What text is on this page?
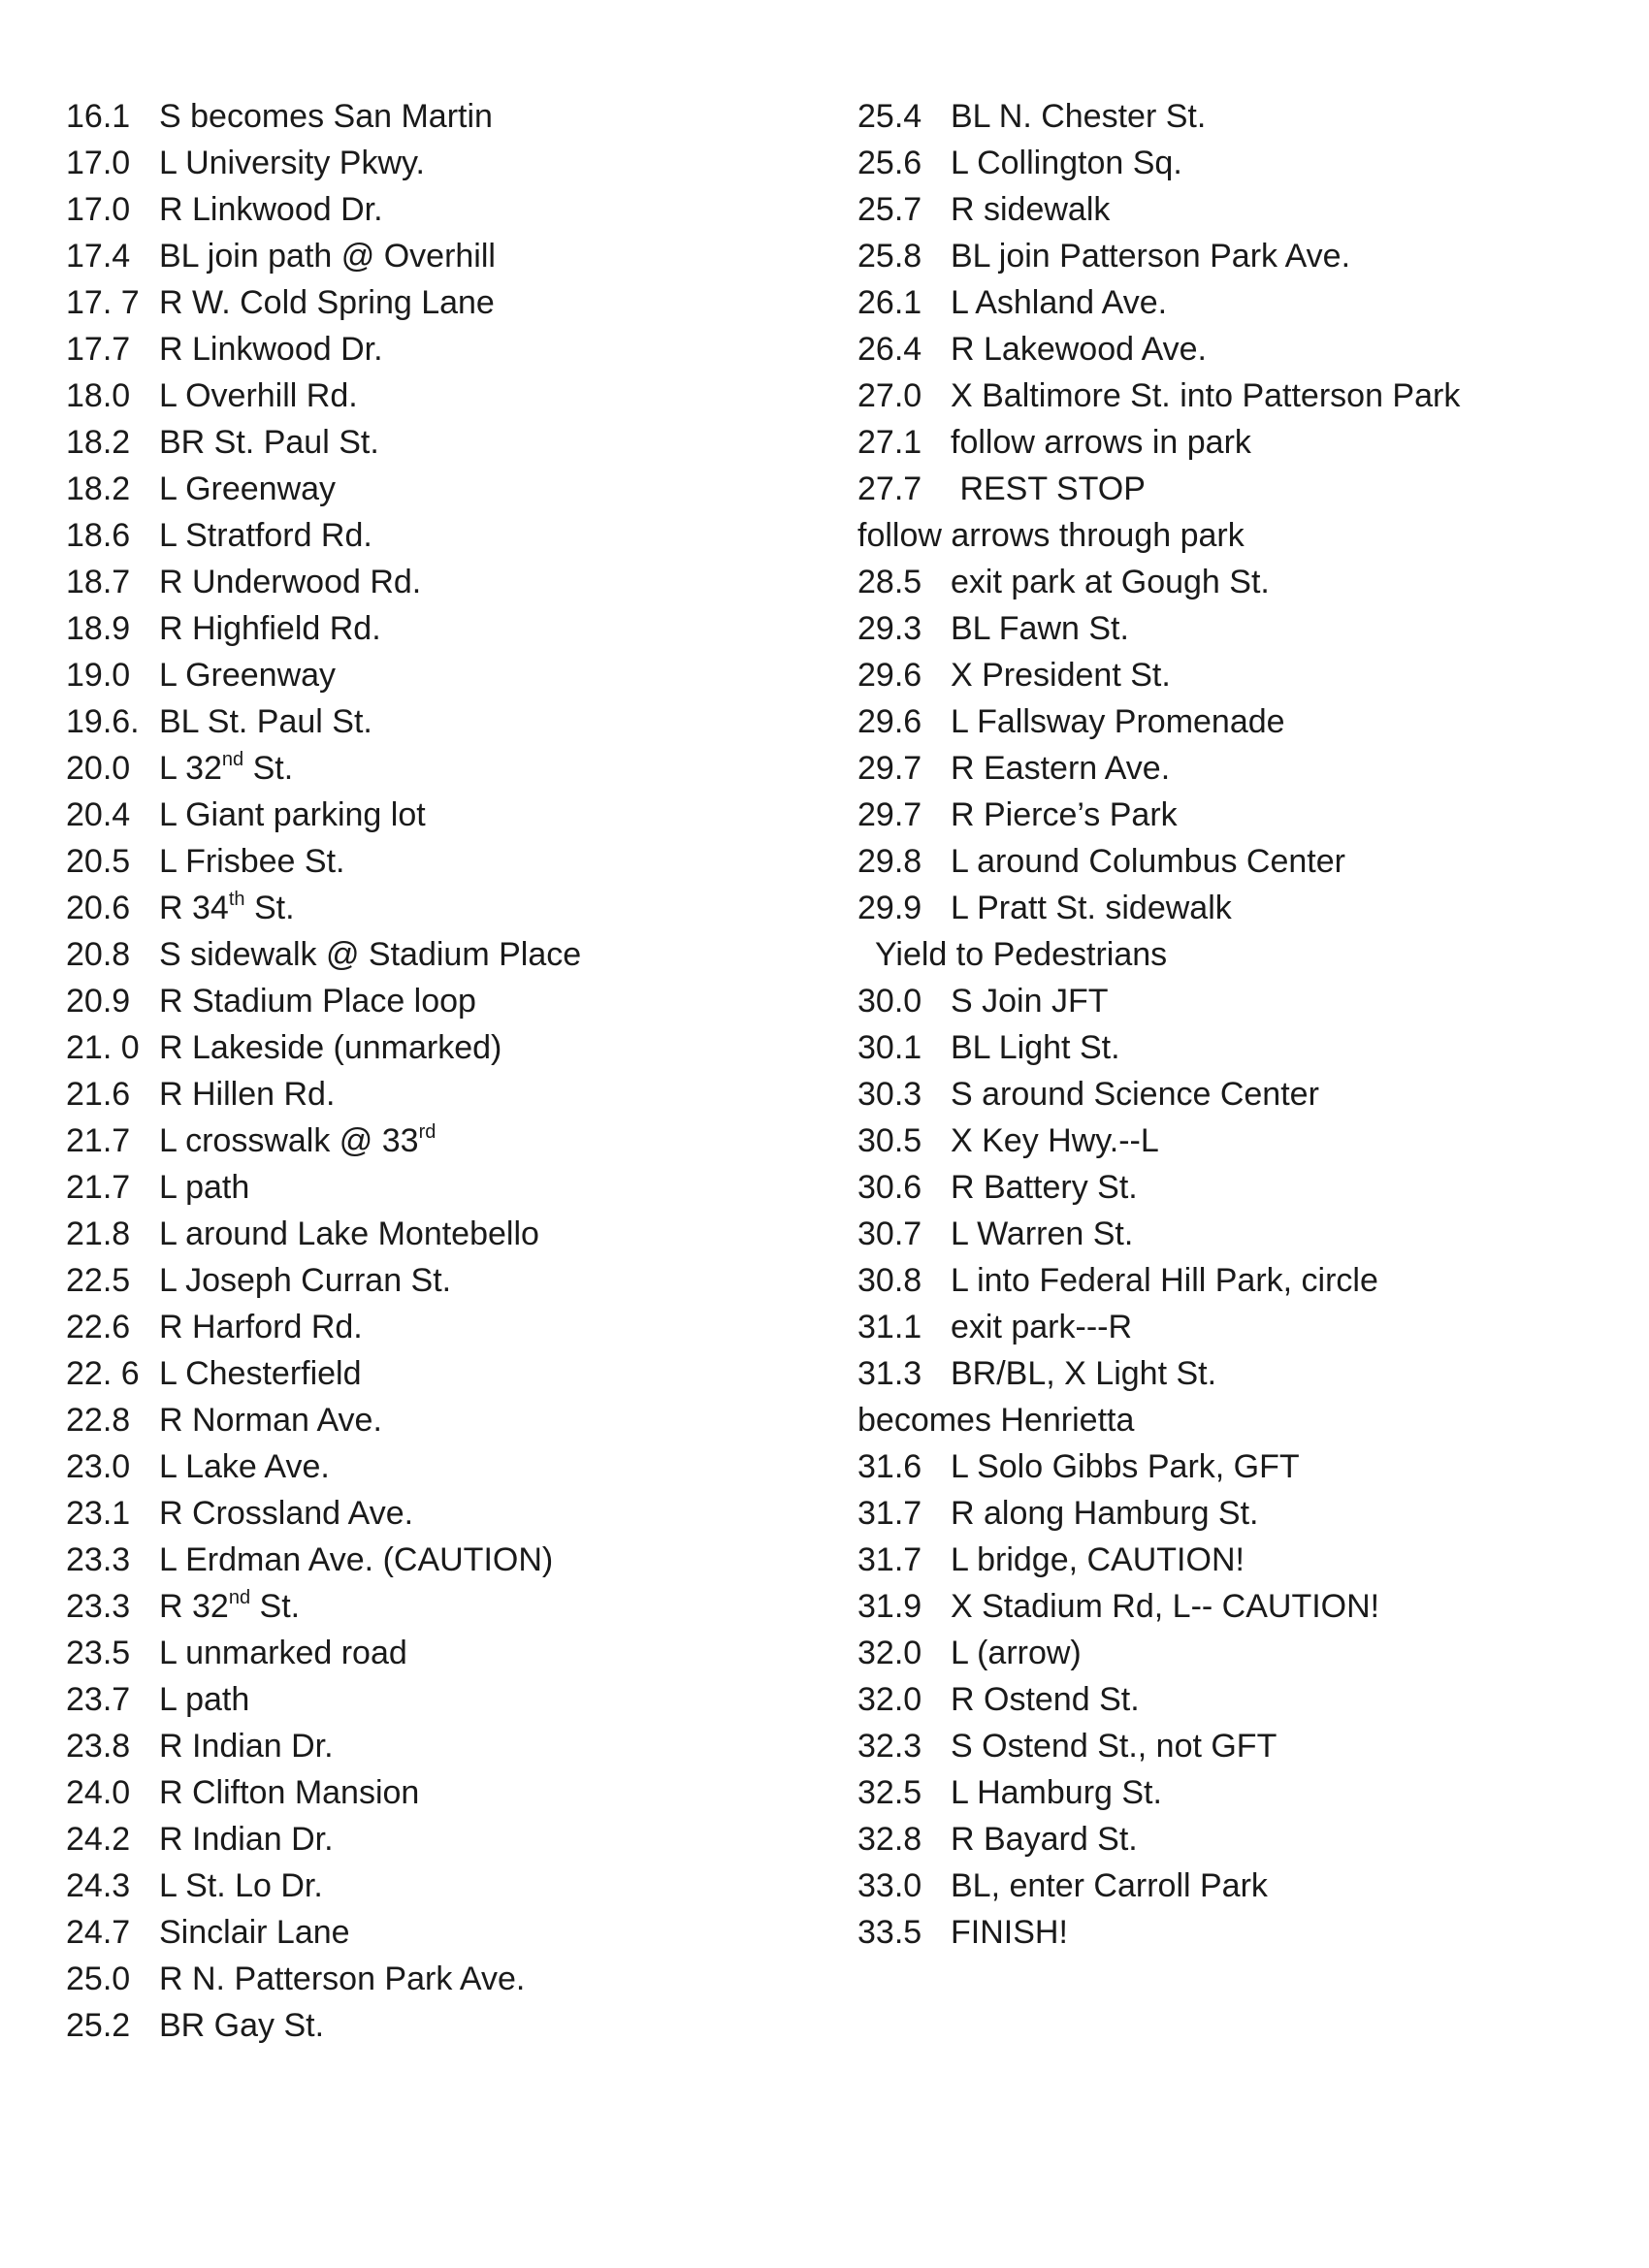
16.1 S becomes San Martin
17.0 L University Pkwy.
17.0 R Linkwood Dr.
17.4 BL join path @ Overhill
17. 7 R W. Cold Spring Lane
17.7 R Linkwood Dr.
18.0 L Overhill Rd.
18.2 BR St. Paul St.
18.2 L Greenway
18.6 L Stratford Rd.
18.7 R Underwood Rd.
18.9 R Highfield Rd.
19.0 L Greenway
19.6. BL St. Paul St.
20.0 L 32nd St.
20.4 L Giant parking lot
20.5 L Frisbee St.
20.6 R 34th St.
20.8 S sidewalk @ Stadium Place
20.9 R Stadium Place loop
21. 0 R Lakeside (unmarked)
21.6 R Hillen Rd.
21.7 L crosswalk @ 33rd
21.7 L path
21.8 L around Lake Montebello
22.5 L Joseph Curran St.
22.6 R Harford Rd.
22. 6 L Chesterfield
22.8 R Norman Ave.
23.0 L Lake Ave.
23.1 R Crossland Ave.
23.3 L Erdman Ave. (CAUTION)
23.3 R 32nd St.
23.5 L unmarked road
23.7 L path
23.8 R Indian Dr.
24.0 R Clifton Mansion
24.2 R Indian Dr.
24.3 L St. Lo Dr.
24.7 Sinclair Lane
25.0 R N. Patterson Park Ave.
25.2 BR Gay St.
25.4 BL N. Chester St.
25.6 L Collington Sq.
25.7 R sidewalk
25.8 BL join Patterson Park Ave.
26.1 L Ashland Ave.
26.4 R Lakewood Ave.
27.0 X Baltimore St. into Patterson Park
27.1 follow arrows in park
27.7 REST STOP
follow arrows through park
28.5 exit park at Gough St.
29.3 BL Fawn St.
29.6 X President St.
29.6 L Fallsway Promenade
29.7 R Eastern Ave.
29.7 R Pierce’s Park
29.8 L around Columbus Center
29.9 L Pratt St. sidewalk
Yield to Pedestrians
30.0 S Join JFT
30.1 BL Light St.
30.3 S around Science Center
30.5 X Key Hwy.--L
30.6 R Battery St.
30.7 L Warren St.
30.8 L into Federal Hill Park, circle
31.1 exit park---R
31.3 BR/BL, X Light St.
becomes Henrietta
31.6 L Solo Gibbs Park, GFT
31.7 R along Hamburg St.
31.7 L bridge, CAUTION!
31.9 X Stadium Rd, L-- CAUTION!
32.0 L (arrow)
32.0 R Ostend St.
32.3 S Ostend St., not GFT
32.5 L Hamburg St.
32.8 R Bayard St.
33.0 BL, enter Carroll Park
33.5 FINISH!
